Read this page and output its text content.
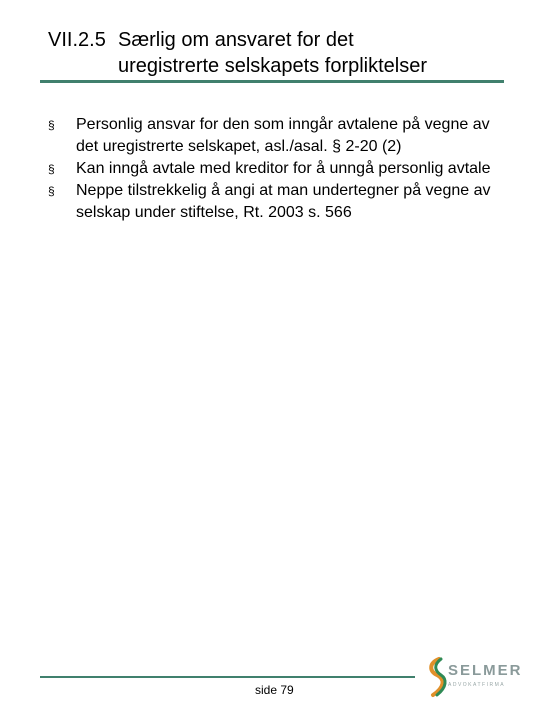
VII.2.5 Særlig om ansvaret for det
uregistrerte selskapets forpliktelser
§	Personlig ansvar for den som inngår avtalene på vegne av det uregistrerte selskapet, asl./asal. § 2-20 (2)
§	Kan inngå avtale med kreditor for å unngå personlig avtale
§	Neppe tilstrekkelig å angi at man undertegner på vegne av selskap under stiftelse, Rt. 2003 s. 566
side 79
SELMER
ADVOKATFIRMA
